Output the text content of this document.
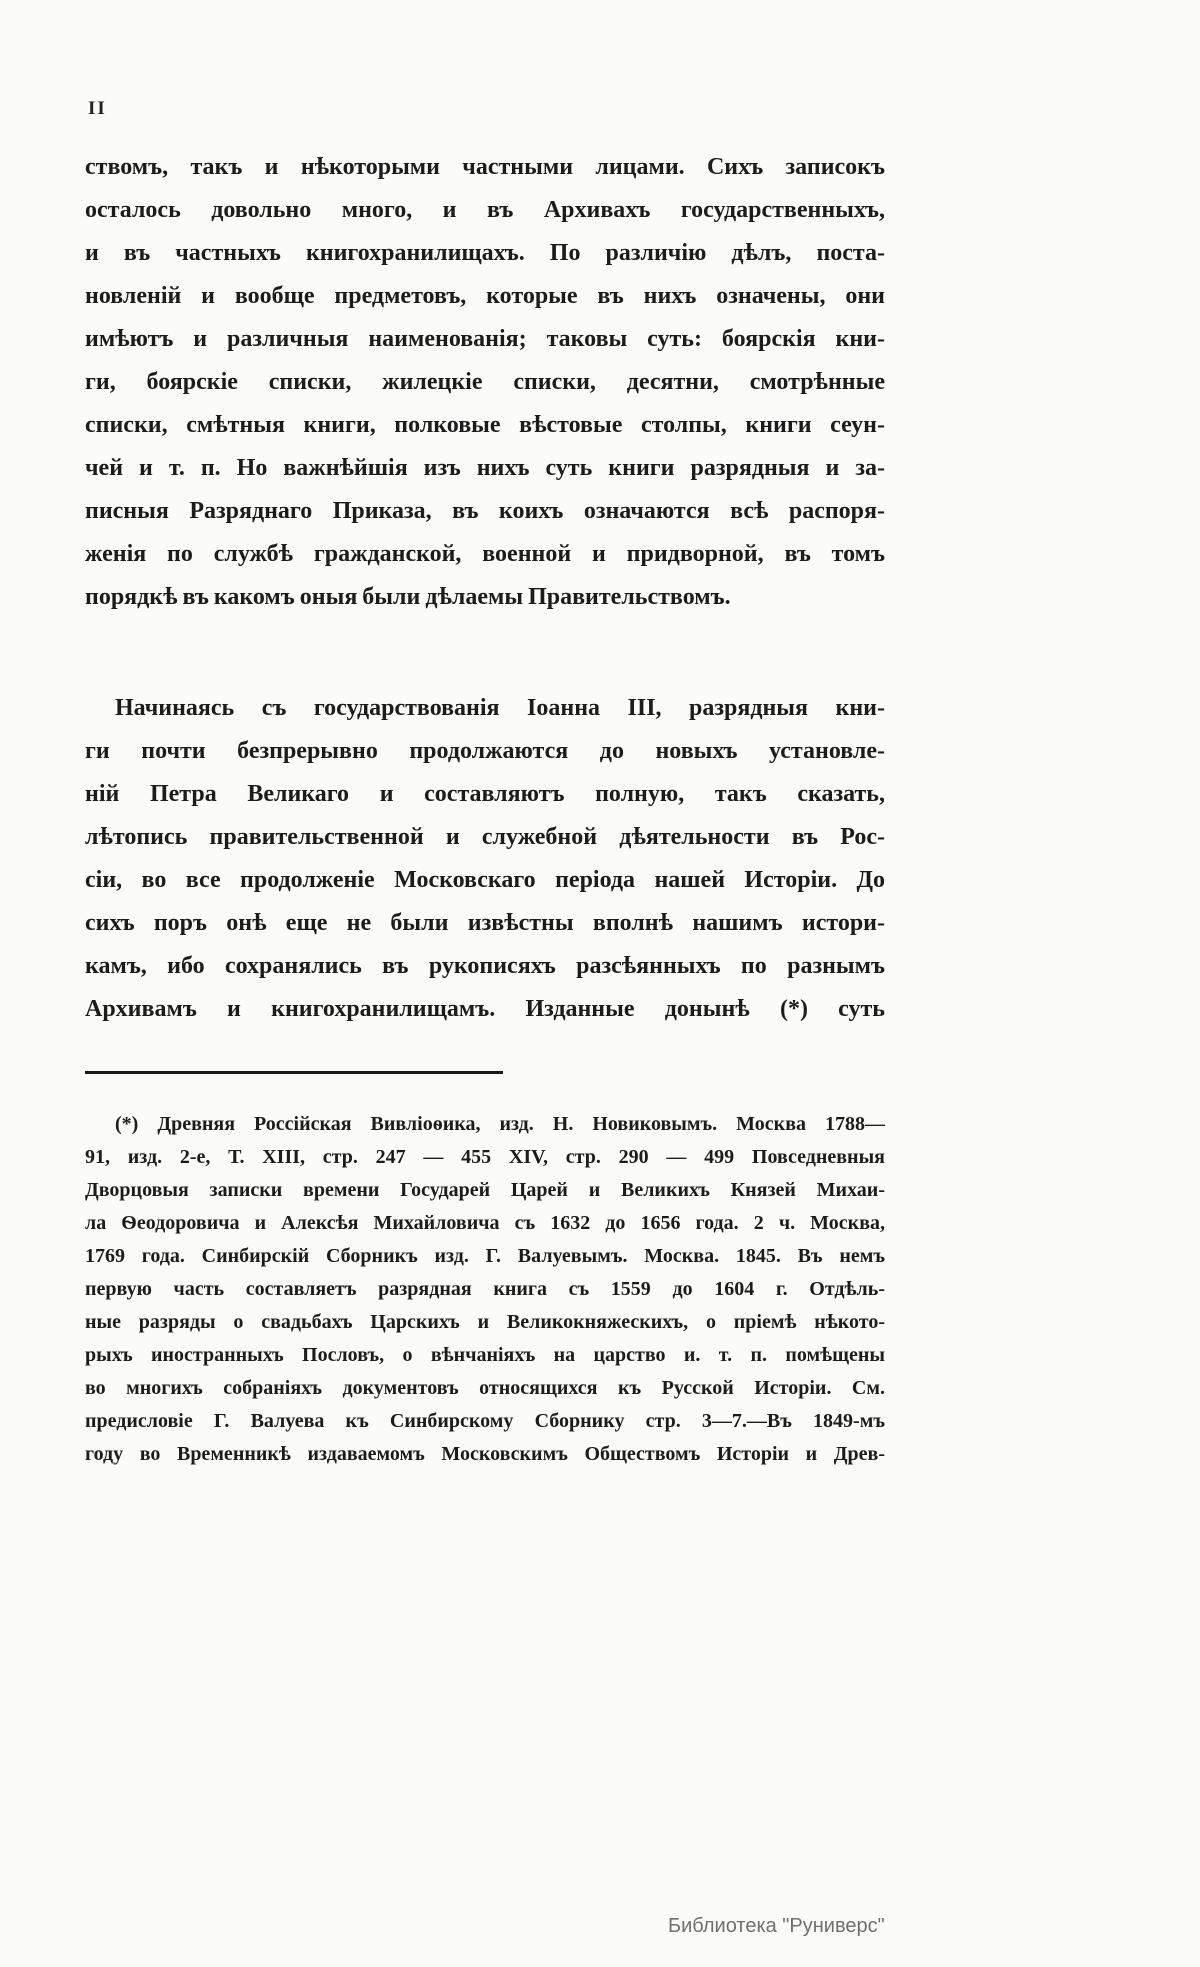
II
ствомъ, такъ и нѣкоторыми частными лицами. Сихъ записокъ
осталось довольно много, и въ Архивахъ государственныхъ,
и въ частныхъ книгохранилищахъ. По различію дѣлъ, поста-
новленій и вообще предметовъ, которые въ нихъ означены, они
имѣютъ и различныя наименованія; таковы суть: боярскія кни-
ги, боярскіе списки, жилецкіе списки, десятни, смотрѣнные
списки, смѣтныя книги, полковые вѣстовые столпы, книги сеун-
чей и т. п. Но важнѣйшія изъ нихъ суть книги разрядныя и за-
писныя Разряднаго Приказа, въ коихъ означаются всѣ распоря-
женія по службѣ гражданской, военной и придворной, въ томъ
порядкѣ въ какомъ оныя были дѣлаемы Правительствомъ.
Начинаясь съ государствованія Іоанна III, разрядныя кни-
ги почти безпрерывно продолжаются до новыхъ установле-
ній Петра Великаго и составляютъ полную, такъ сказать,
лѣтопись правительственной и служебной дѣятельности въ Рос-
сіи, во все продолженіе Московскаго періода нашей Исторіи. До
сихъ поръ онѣ еще не были извѣстны вполнѣ нашимъ истори-
камъ, ибо сохранялись въ рукописяхъ разсѣянныхъ по разнымъ
Архивамъ и книгохранилищамъ. Изданные донынѣ (*) суть
(*) Древняя Россійская Вивліоѳика, изд. Н. Новиковымъ. Москва 1788—
91, изд. 2-е, Т. XIII, стр. 247 — 455 XIV, стр. 290 — 499 Повседневныя
Дворцовыя записки времени Государей Царей и Великихъ Князей Михаи-
ла Ѳеодоровича и Алексѣя Михайловича съ 1632 до 1656 года. 2 ч. Москва,
1769 года. Синбирскій Сборникъ изд. Г. Валуевымъ. Москва. 1845. Въ немъ
первую часть составляетъ разрядная книга съ 1559 до 1604 г. Отдѣль-
ные разряды о свадьбахъ Царскихъ и Великокняжескихъ, о пріемѣ нѣкото-
рыхъ иностранныхъ Пословъ, о вѣнчаніяхъ на царство и. т. п. помѣщены
во многихъ собраніяхъ документовъ относящихся къ Русской Исторіи. См.
предисловіе Г. Валуева къ Синбирскому Сборнику стр. 3—7.—Въ 1849-мъ
году во Временникѣ издаваемомъ Московскимъ Обществомъ Исторіи и Древ-
Библиотека "Руниверс"
